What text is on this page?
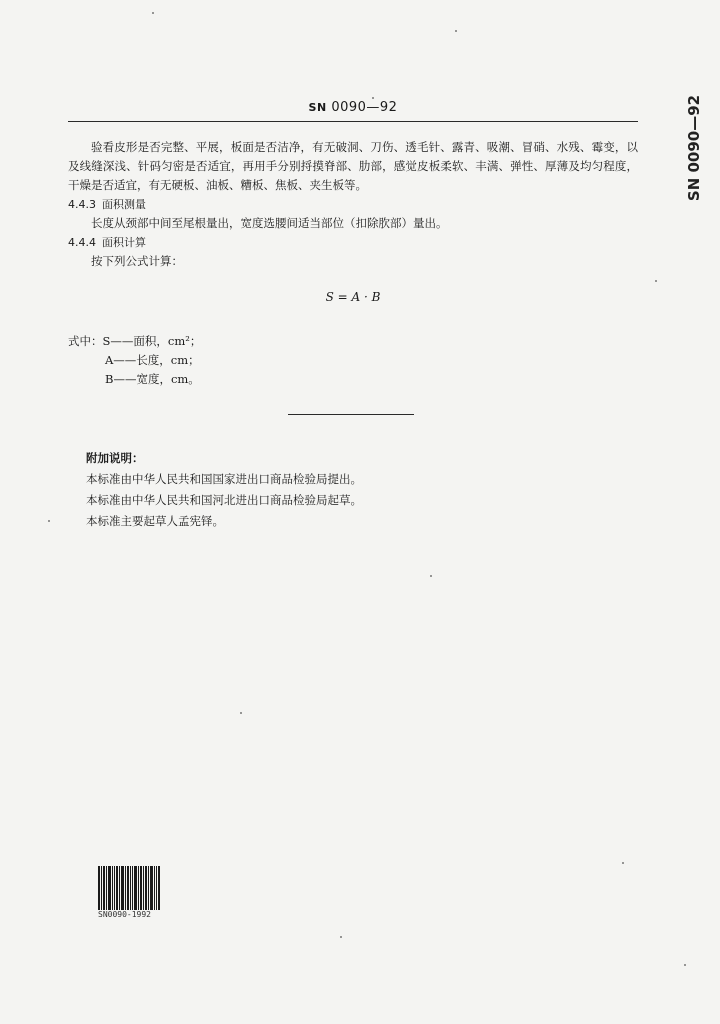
SN 0090—92	SN 0090—92

验看皮形是否完整、平展，板面是否洁净，有无破洞、刀伤、透毛针、露青、吸潮、冒硝、水残、霉变，以及线缝深浅、针码匀密是否适宜，再用手分别捋摸脊部、肋部，感觉皮板柔软、丰满、弹性、厚薄及均匀程度，干燥是否适宜，有无硬板、油板、糟板、焦板、夹生板等。

4.4.3 面积测量

长度从颈部中间至尾根量出，宽度选腰间适当部位（扣除肷部）量出。

4.4.4 面积计算

按下列公式计算：

S = A · B

式中：S——面积，cm²；

A——长度，cm；

B——宽度，cm。

附加说明：

本标准由中华人民共和国国家进出口商品检验局提出。

本标准由中华人民共和国河北进出口商品检验局起草。

本标准主要起草人孟宪铎。

SN0090-1992
